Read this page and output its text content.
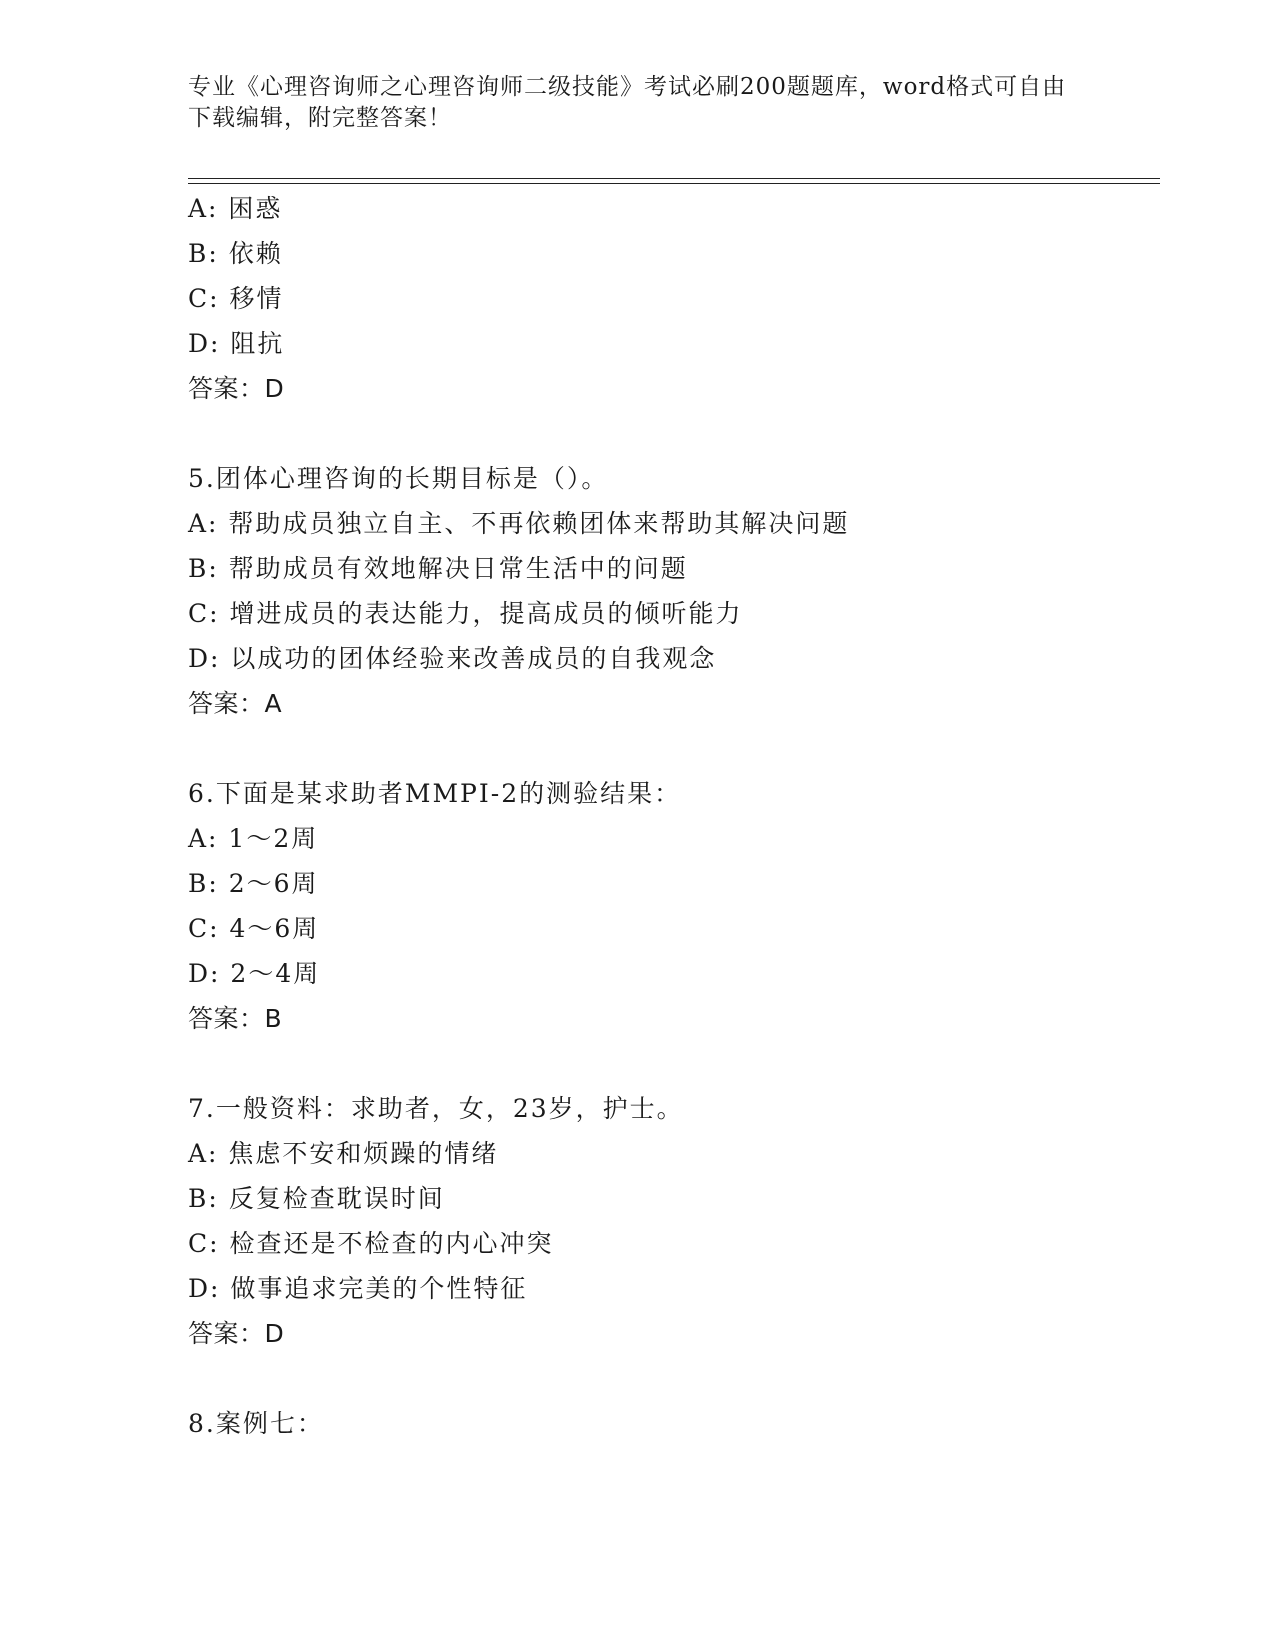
专业《心理咨询师之心理咨询师二级技能》考试必刷200题题库，word格式可自由下载编辑，附完整答案！
A: 困惑
B: 依赖
C: 移情
D: 阻抗
答案：D
5.团体心理咨询的长期目标是（）。
A: 帮助成员独立自主、不再依赖团体来帮助其解决问题
B: 帮助成员有效地解决日常生活中的问题
C: 增进成员的表达能力，提高成员的倾听能力
D: 以成功的团体经验来改善成员的自我观念
答案：A
6.下面是某求助者MMPI-2的测验结果：
A: 1～2周
B: 2～6周
C: 4～6周
D: 2～4周
答案：B
7.一般资料：求助者，女，23岁，护士。
A: 焦虑不安和烦躁的情绪
B: 反复检查耽误时间
C: 检查还是不检查的内心冲突
D: 做事追求完美的个性特征
答案：D
8.案例七：
